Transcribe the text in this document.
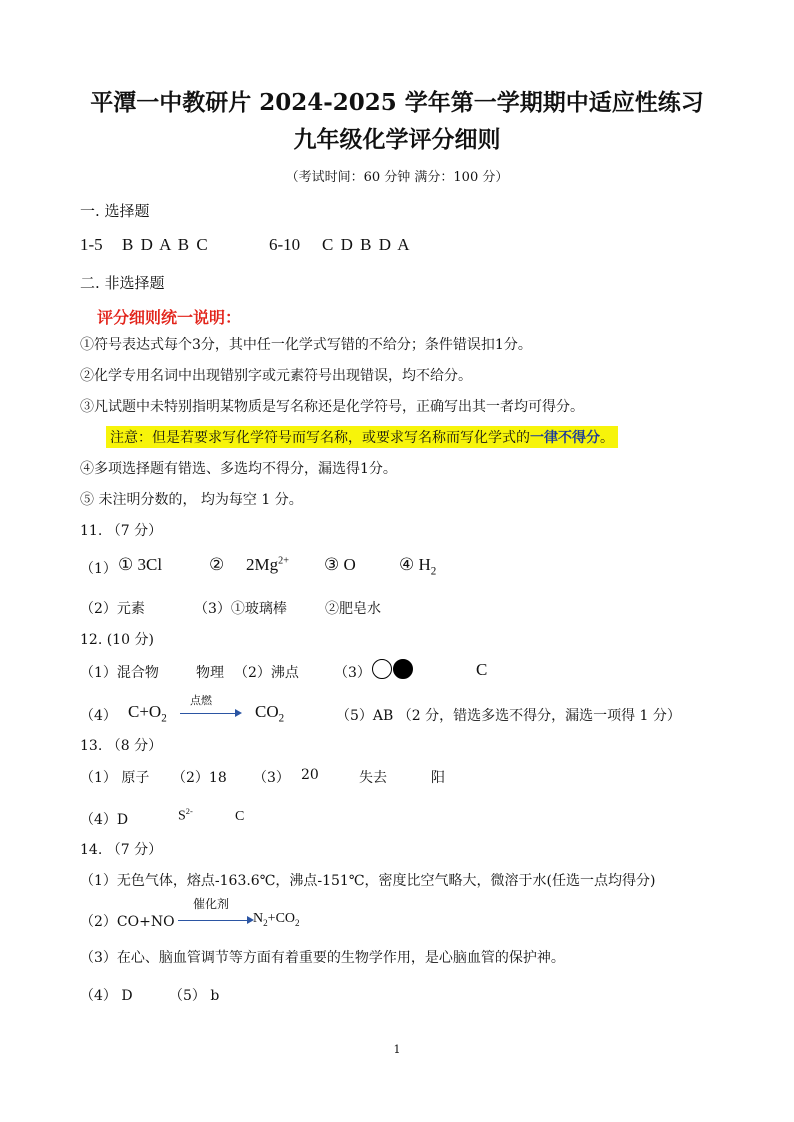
平潭一中教研片 2024-2025 学年第一学期期中适应性练习
九年级化学评分细则
（考试时间：60 分钟 满分：100 分）
一. 选择题
1-5 B D A B C	6-10 C D B D A
二. 非选择题
评分细则统一说明：
①符号表达式每个3分，其中任一化学式写错的不给分；条件错误扣1分。
②化学专用名词中出现错别字或元素符号出现错误，均不给分。
③凡试题中未特别指明某物质是写名称还是化学符号，正确写出其一者均可得分。
注意：但是若要求写化学符号而写名称，或要求写名称而写化学式的一律不得分。
④多项选择题有错选、多选均不得分，漏选得1分。
⑤ 未注明分数的， 均为每空 1 分。
11. （7 分）
（1） ① 3Cl	② $2Mg^{2+}$ ③ O	④ $H_2$
（2）元素	（3）①玻璃棒	②肥皂水
12. (10 分)
（1）混合物	物理 （2）沸点	（3）	C
（4） $C+O_2$
点燃
→ $CO_2$	（5）AB （2 分，错选多选不得分，漏选一项得 1 分）
13. （8 分）
（1） 原子 （2）18 （3） 20	失去	阳
（4）D	$S^{2-}$	C
14. （7 分）
（1）无色气体，熔点-163.6℃，沸点-151℃，密度比空气略大，微溶于水(任选一点均得分)
（2）CO+NO
催化剂
$N_2+CO_2$
（3）在心、脑血管调节等方面有着重要的生物学作用，是心脑血管的保护神。
（4） D	（5） b
1
